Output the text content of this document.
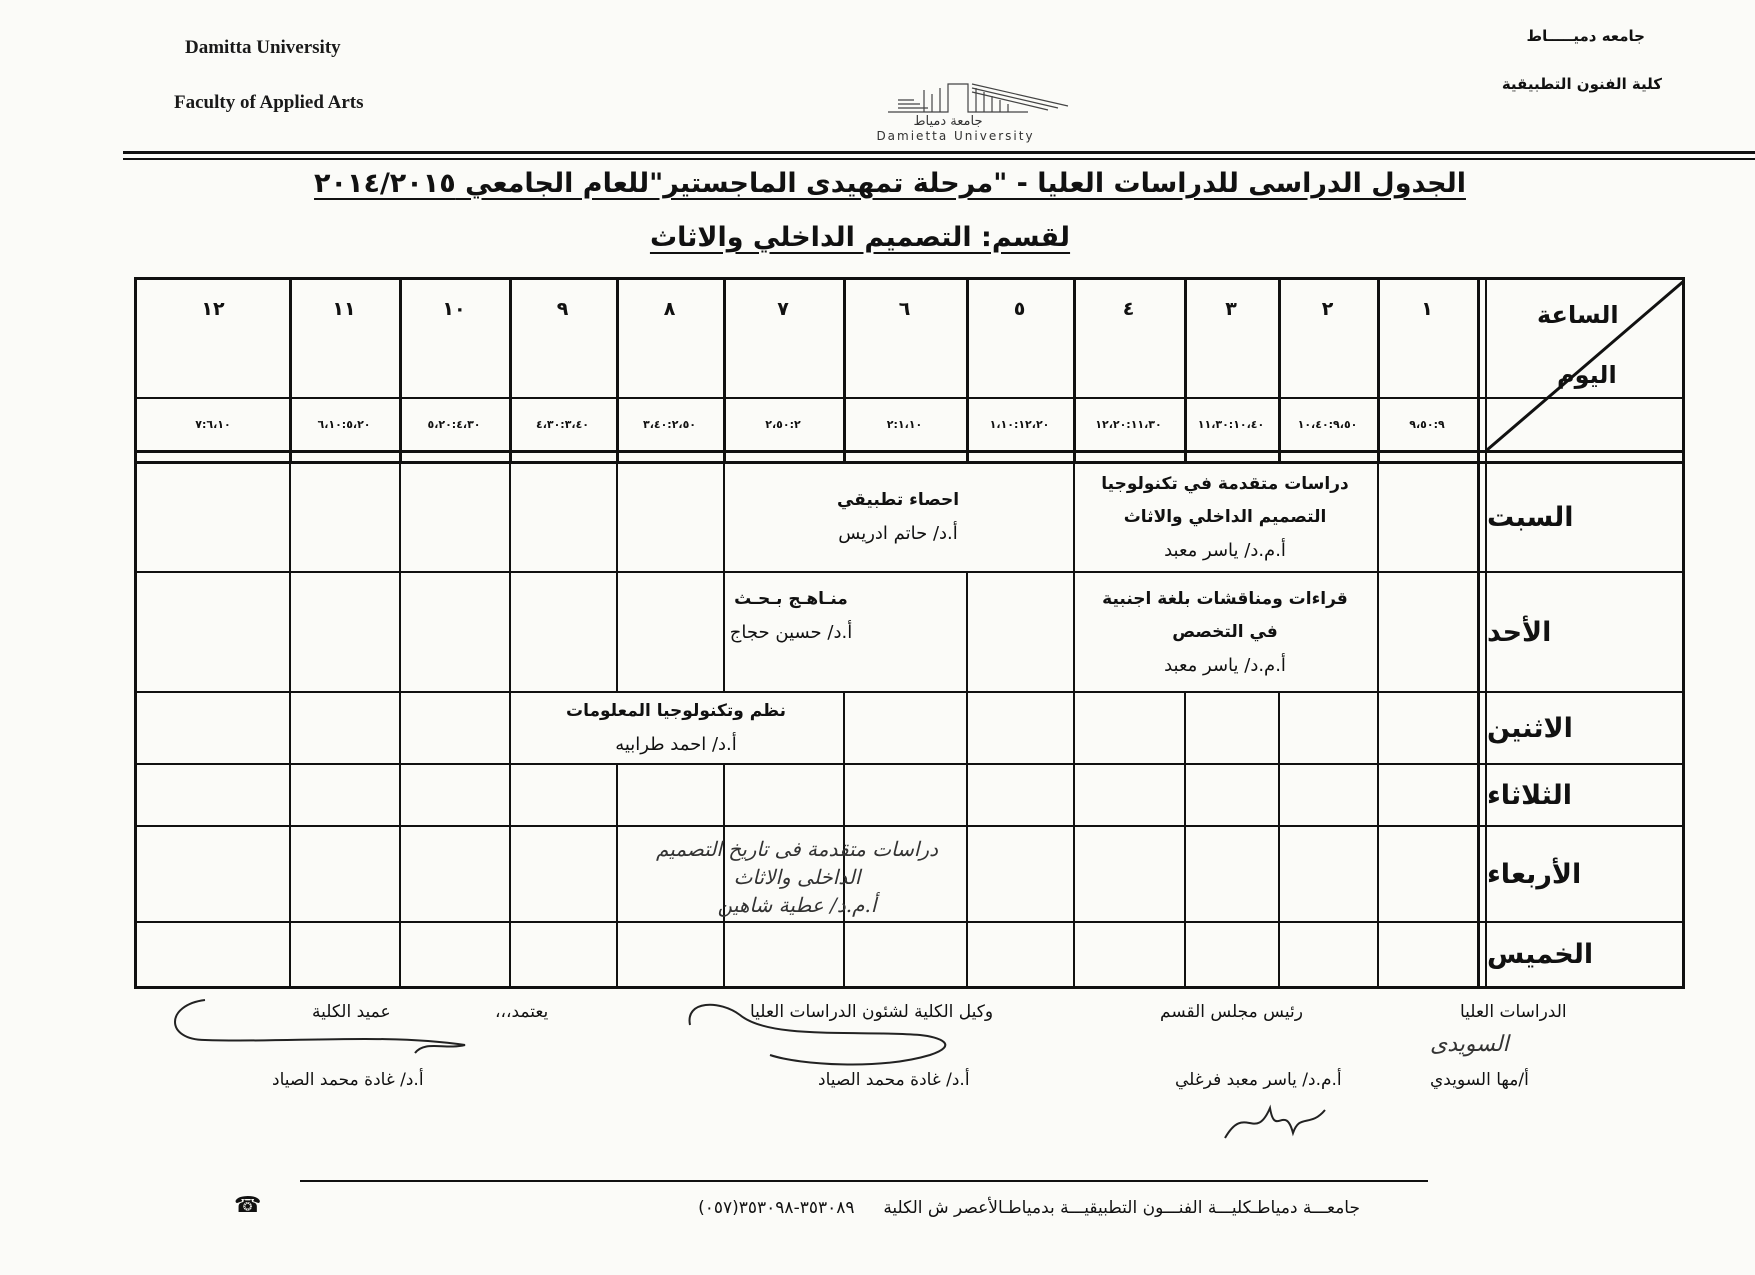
Damitta University
Faculty of Applied Arts
جامعه دميـــــاط
كلية الفنون التطبيقية
جامعة دمياط
Damietta University
الجدول الدراسى للدراسات العليا - "مرحلة تمهيدى الماجستير"للعام الجامعي ٢٠١٤/٢٠١٥
لقسم: التصميم الداخلي والاثاث
الساعة
اليوم
١
٩،٥٠:٩
٢
١٠،٤٠:٩،٥٠
٣
١١،٣٠:١٠،٤٠
٤
١٢،٢٠:١١،٣٠
٥
١،١٠:١٢،٢٠
٦
٢:١،١٠
٧
٢،٥٠:٢
٨
٣،٤٠:٢،٥٠
٩
٤،٣٠:٣،٤٠
١٠
٥،٢٠:٤،٣٠
١١
٦،١٠:٥،٢٠
١٢
٧:٦،١٠
السبت
الأحد
الاثنين
الثلاثاء
الأربعاء
الخميس
دراسات متقدمة في تكنولوجيا التصميم الداخلي والاثاث
أ.م.د/ ياسر معبد
احصاء تطبيقي
أ.د/ حاتم ادريس
قراءات ومناقشات بلغة اجنبية في التخصص
أ.م.د/ ياسر معبد
منـاهـج بـحـث
أ.د/ حسين حجاج
نظم وتكنولوجيا المعلومات
أ.د/ احمد طرابيه
دراسات متقدمة فى تاريخ التصميم الداخلى والاثاث
أ.م.د/ عطية شاهين
الدراسات العليا
أ/مها السويدي
السويدى
رئيس مجلس القسم
أ.م.د/ ياسر معبد فرغلي
وكيل الكلية لشئون الدراسات العليا
أ.د/ غادة محمد الصياد
يعتمد،،،
عميد الكلية
أ.د/ غادة محمد الصياد
جامعـــة دمياطـكليـــة الفنـــون التطبيقيـــة بدمياطـالأعصر ش الكلية  (٠٥٧)٣٥٣٠٨٩-٣٥٣٠٩٨
☎
